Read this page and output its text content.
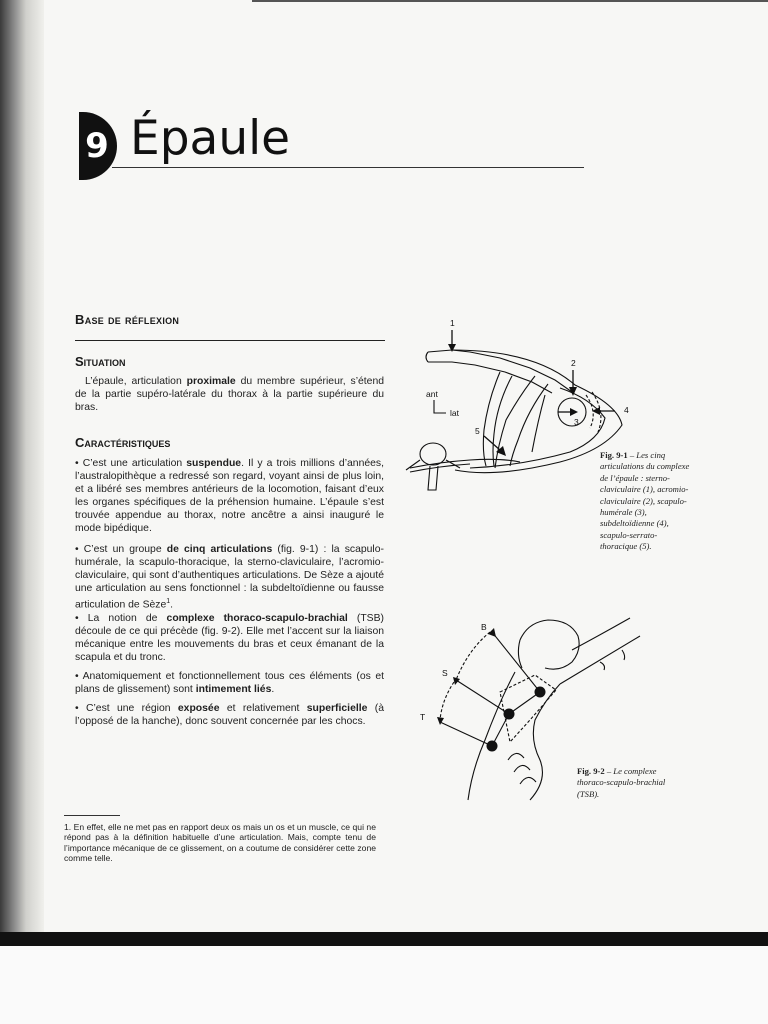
9 Épaule
Base de réflexion
Situation
L’épaule, articulation proximale du membre supérieur, s’étend de la partie supéro-latérale du thorax à la partie supérieure du bras.
Caractéristiques
• C’est une articulation suspendue. Il y a trois millions d’années, l’australopithèque a redressé son regard, voyant ainsi de plus loin, et a libéré ses membres antérieurs de la locomotion, faisant d’eux les organes spécifiques de la préhension humaine. L’épaule s’est trouvée appendue au thorax, notre ancêtre a ainsi inauguré le mode bipédique.
• C’est un groupe de cinq articulations (fig. 9-1) : la scapulo-humérale, la scapulo-thoracique, la sterno-claviculaire, l’acromio-claviculaire, qui sont d’authentiques articulations. De Sèze a ajouté une articulation au sens fonctionnel : la subdeltoïdienne ou fausse articulation de Sèze$^1$.
• La notion de complexe thoraco-scapulo-brachial (TSB) découle de ce qui précède (fig. 9-2). Elle met l’accent sur la liaison mécanique entre les mouvements du bras et ceux émanant de la scapula et du tronc.
• Anatomiquement et fonctionnellement tous ces éléments (os et plans de glissement) sont intimement liés.
• C’est une région exposée et relativement superficielle (à l’opposé de la hanche), donc souvent concernée par les chocs.
1. En effet, elle ne met pas en rapport deux os mais un os et un muscle, ce qui ne répond pas à la définition habituelle d’une articulation. Mais, compte tenu de l’importance mécanique de ce glissement, on a coutume de considérer cette zone comme telle.
1
2
3
4
5
ant
lat
Fig. 9-1 – Les cinq
articulations du complexe
de l’épaule : sterno-
claviculaire (1), acromio-
claviculaire (2), scapulo-
humérale (3),
subdeltoïdienne (4),
scapulo-serrato-
thoracique (5).
B
S
T
Fig. 9-2 – Le complexe
thoraco-scapulo-brachial
(TSB).
